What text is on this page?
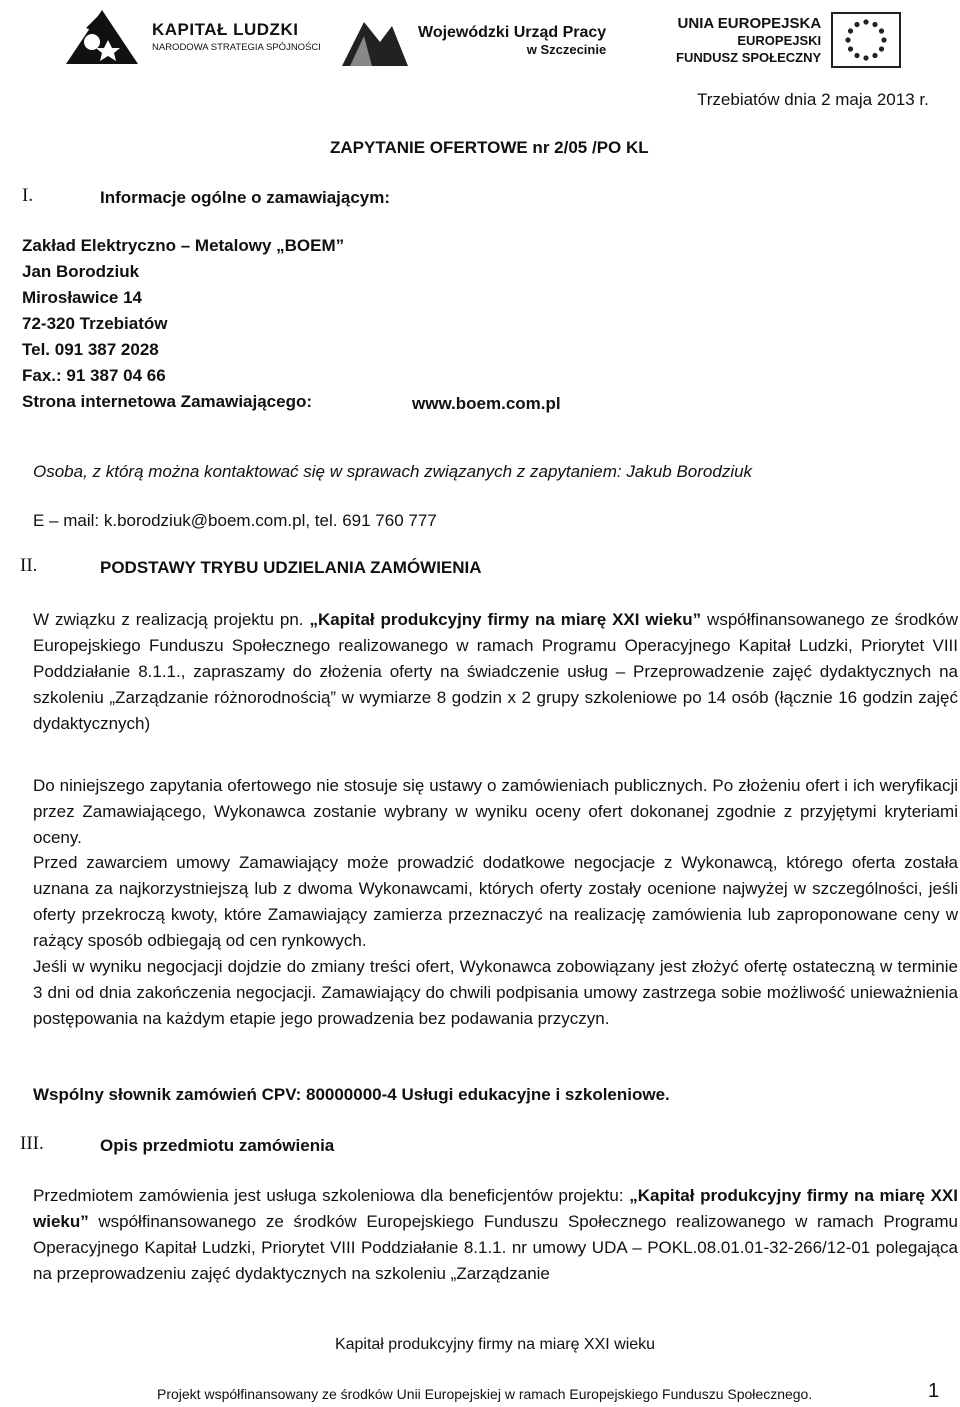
KAPITAŁ LUDZKI
NARODOWA STRATEGIA SPÓJNOŚCI
Wojewódzki Urząd Pracy
w Szczecinie
UNIA EUROPEJSKA
EUROPEJSKI
FUNDUSZ SPOŁECZNY
Trzebiatów dnia 2 maja 2013 r.
ZAPYTANIE OFERTOWE nr 2/05 /PO KL
I.	Informacje ogólne o zamawiającym:
Zakład Elektryczno – Metalowy „BOEM”
Jan Borodziuk
Mirosławice 14
72-320 Trzebiatów
Tel. 091 387 2028
Fax.: 91 387 04 66
Strona internetowa Zamawiającego:	www.boem.com.pl
Osoba, z którą można kontaktować się w sprawach związanych z zapytaniem: Jakub Borodziuk
E – mail: k.borodziuk@boem.com.pl, tel. 691 760 777
II.	PODSTAWY TRYBU UDZIELANIA ZAMÓWIENIA
W związku z realizacją projektu pn. „Kapitał produkcyjny firmy na miarę XXI wieku” współfinansowanego ze środków Europejskiego Funduszu Społecznego realizowanego w ramach Programu Operacyjnego Kapitał Ludzki, Priorytet VIII Poddziałanie 8.1.1., zapraszamy do złożenia oferty na świadczenie usług – Przeprowadzenie zajęć dydaktycznych na szkoleniu „Zarządzanie różnorodnością” w wymiarze 8 godzin x 2 grupy szkoleniowe po 14 osób (łącznie 16 godzin zajęć dydaktycznych)
Do niniejszego zapytania ofertowego nie stosuje się ustawy o zamówieniach publicznych. Po złożeniu ofert i ich weryfikacji przez Zamawiającego, Wykonawca zostanie wybrany w wyniku oceny ofert dokonanej zgodnie z przyjętymi kryteriami oceny.
Przed zawarciem umowy Zamawiający może prowadzić dodatkowe negocjacje z Wykonawcą, którego oferta została uznana za najkorzystniejszą lub z dwoma Wykonawcami, których oferty zostały ocenione najwyżej w szczególności, jeśli oferty przekroczą kwoty, które Zamawiający zamierza przeznaczyć na realizację zamówienia lub zaproponowane ceny w rażący sposób odbiegają od cen rynkowych.
Jeśli w wyniku negocjacji dojdzie do zmiany treści ofert, Wykonawca zobowiązany jest złożyć ofertę ostateczną w terminie 3 dni od dnia zakończenia negocjacji. Zamawiający do chwili podpisania umowy zastrzega sobie możliwość unieważnienia postępowania na każdym etapie jego prowadzenia bez podawania przyczyn.
Wspólny słownik zamówień CPV: 80000000-4 Usługi edukacyjne i szkoleniowe.
III.	Opis przedmiotu zamówienia
Przedmiotem zamówienia jest usługa szkoleniowa dla beneficjentów projektu: „Kapitał produkcyjny firmy na miarę XXI wieku” współfinansowanego ze środków Europejskiego Funduszu Społecznego realizowanego w ramach Programu Operacyjnego Kapitał Ludzki, Priorytet VIII Poddziałanie 8.1.1. nr umowy UDA – POKL.08.01.01-32-266/12-01 polegająca na przeprowadzeniu zajęć dydaktycznych na szkoleniu „Zarządzanie
Kapitał produkcyjny firmy na miarę XXI wieku
Projekt współfinansowany ze środków Unii Europejskiej w ramach Europejskiego Funduszu Społecznego.	1
